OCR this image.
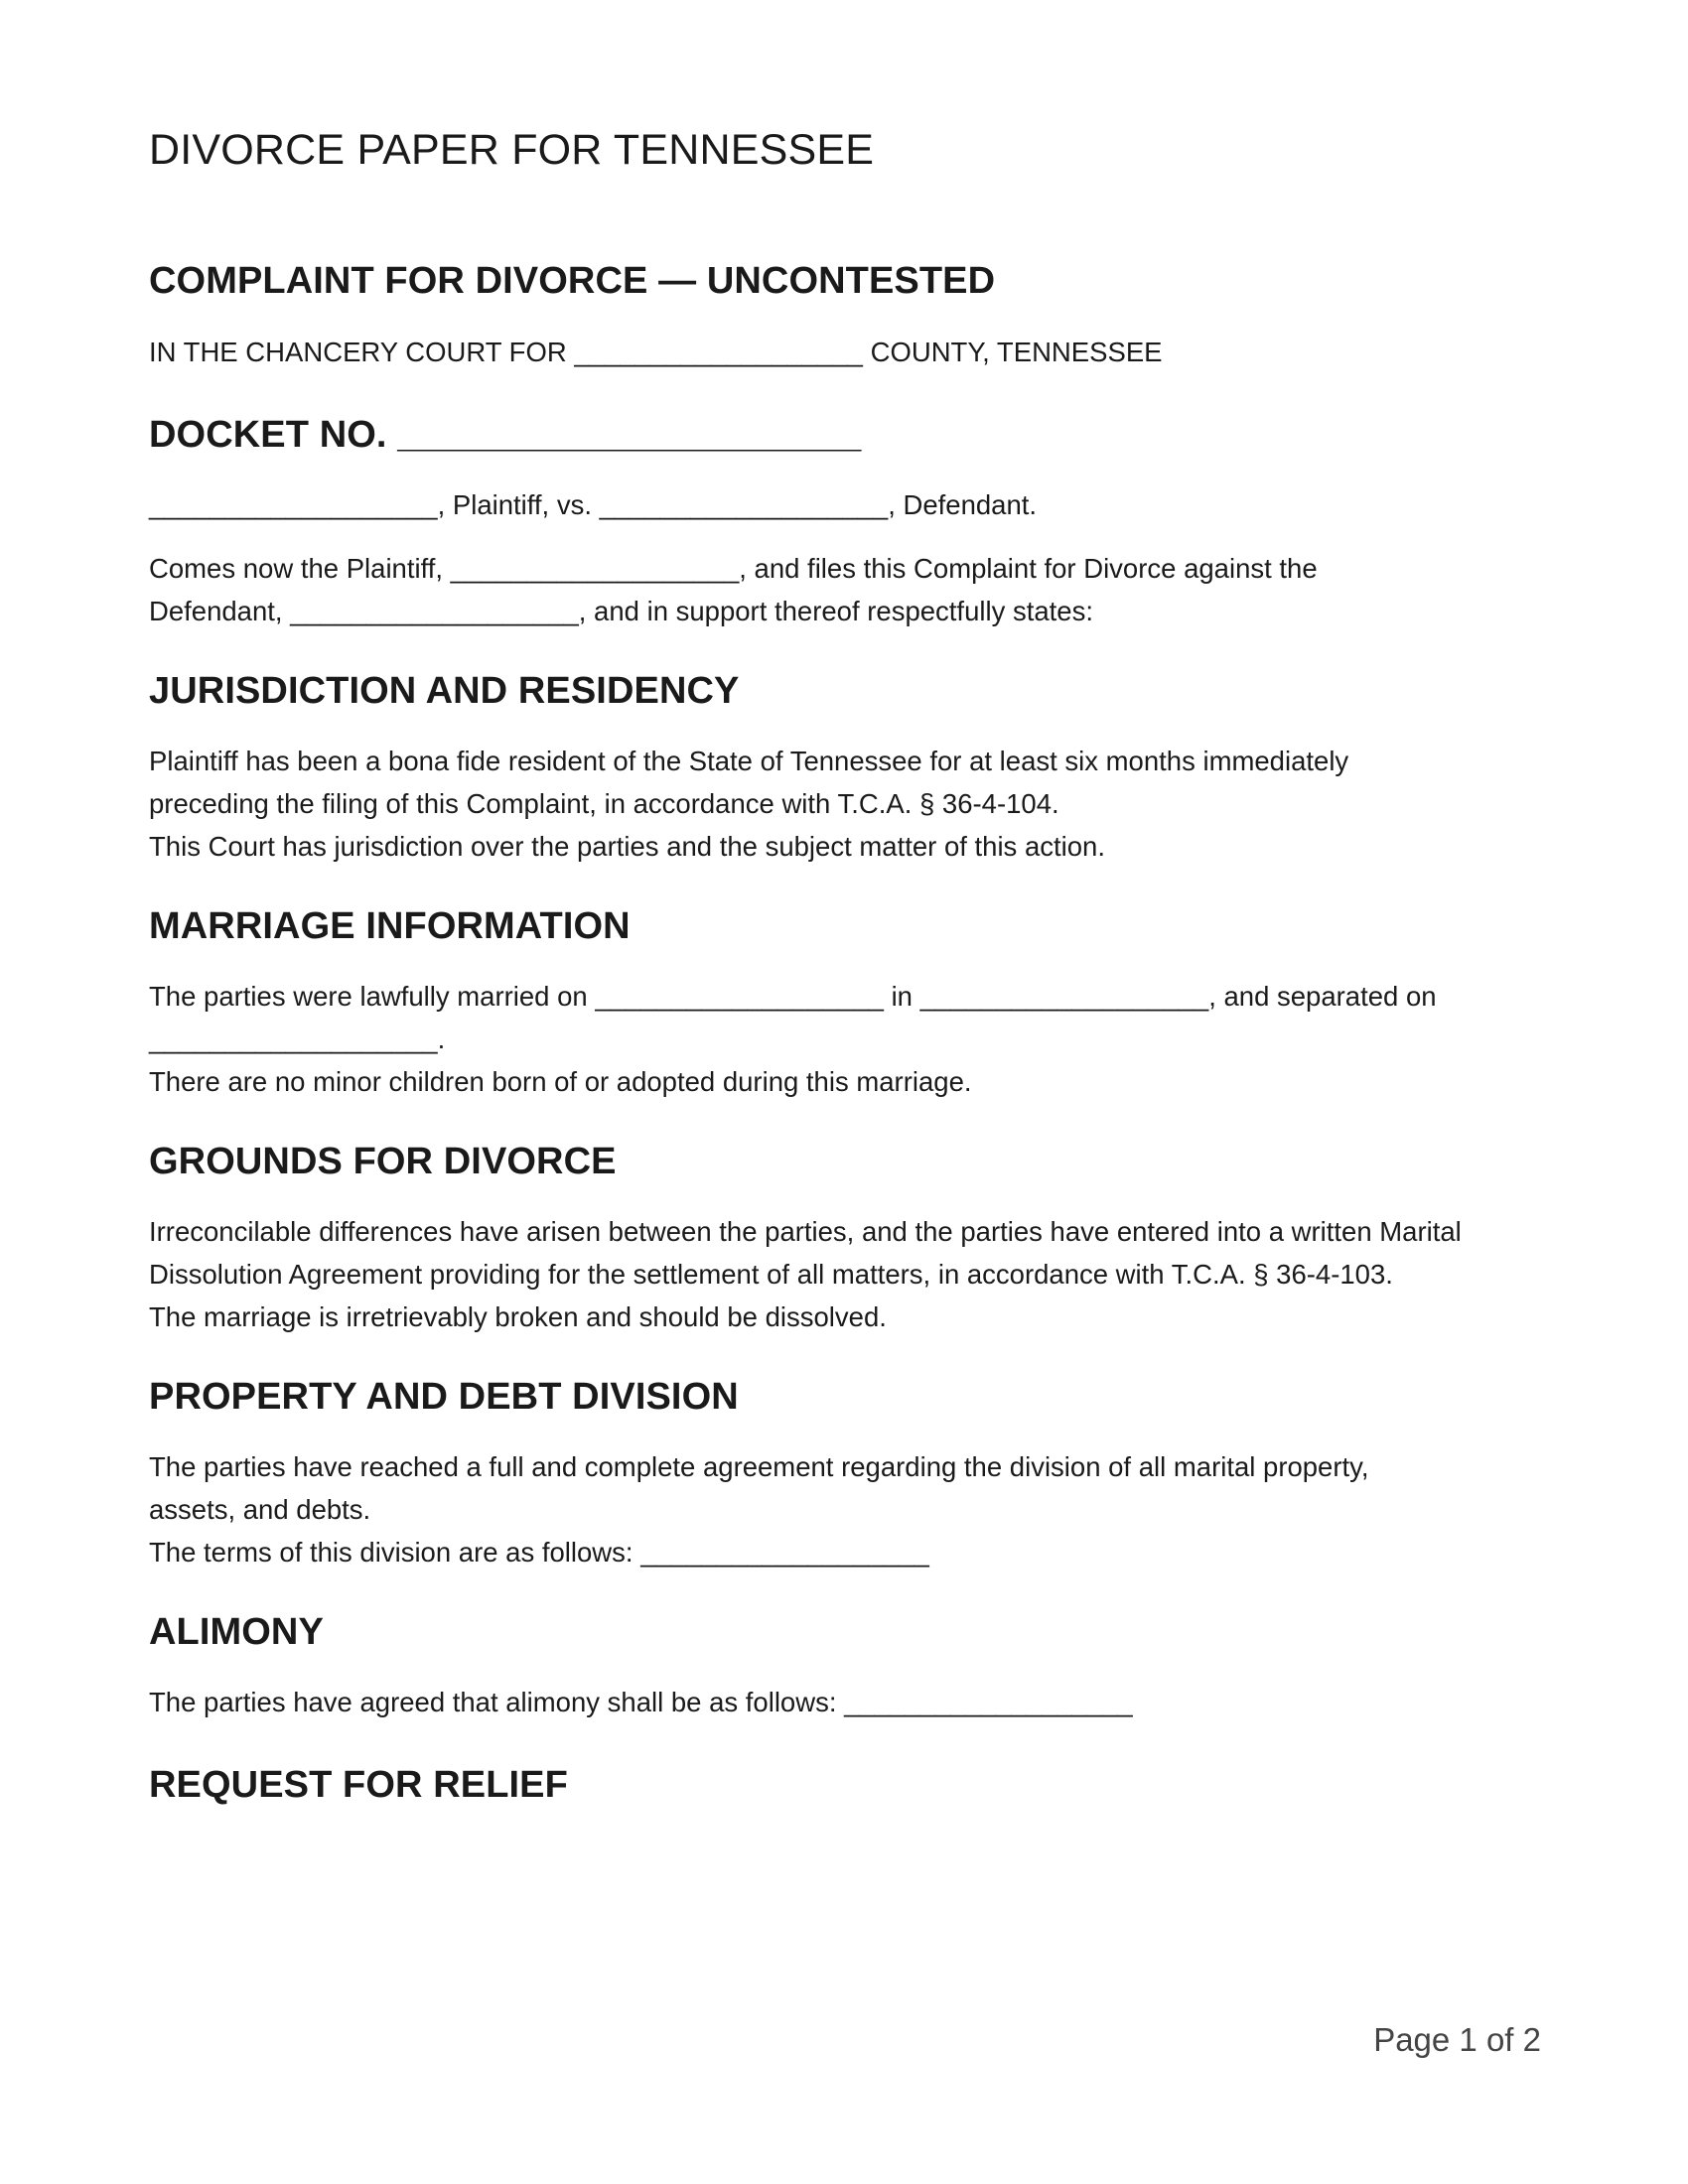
DIVORCE PAPER FOR TENNESSEE
COMPLAINT FOR DIVORCE — UNCONTESTED

IN THE CHANCERY COURT FOR ___________________ COUNTY, TENNESSEE

DOCKET NO. ______________________

___________________, Plaintiff, vs. ___________________, Defendant.

Comes now the Plaintiff, ___________________, and files this Complaint for Divorce against the
Defendant, ___________________, and in support thereof respectfully states:

JURISDICTION AND RESIDENCY

Plaintiff has been a bona fide resident of the State of Tennessee for at least six months immediately
preceding the filing of this Complaint, in accordance with T.C.A. § 36-4-104.
This Court has jurisdiction over the parties and the subject matter of this action.

MARRIAGE INFORMATION

The parties were lawfully married on ___________________ in ___________________, and separated on
___________________.
There are no minor children born of or adopted during this marriage.

GROUNDS FOR DIVORCE

Irreconcilable differences have arisen between the parties, and the parties have entered into a written Marital
Dissolution Agreement providing for the settlement of all matters, in accordance with T.C.A. § 36-4-103.
The marriage is irretrievably broken and should be dissolved.

PROPERTY AND DEBT DIVISION

The parties have reached a full and complete agreement regarding the division of all marital property,
assets, and debts.
The terms of this division are as follows: ___________________

ALIMONY

The parties have agreed that alimony shall be as follows: ___________________

REQUEST FOR RELIEF
Page 1 of 2
